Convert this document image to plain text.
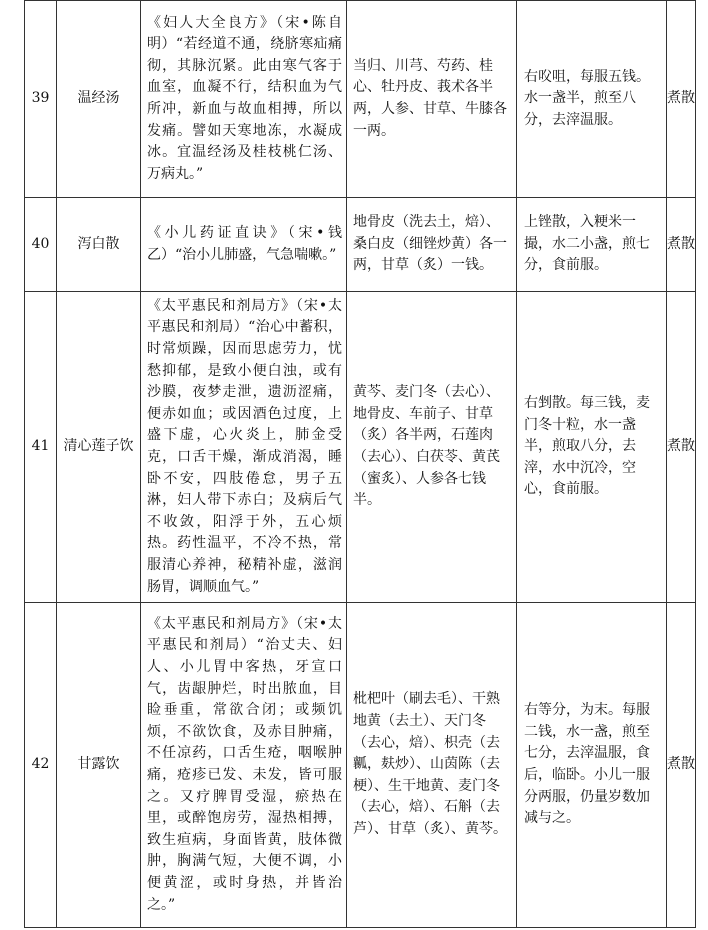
39	温经汤	《妇人大全良方》（宋•陈自明）“若经道不通，绕脐寒疝痛彻，其脉沉紧。此由寒气客于血室，血凝不行，结积血为气所冲，新血与故血相搏，所以发痛。譬如天寒地冻，水凝成冰。宜温经汤及桂枝桃仁汤、万病丸。”	当归、川芎、芍药、桂心、牡丹皮、莪术各半两，人参、甘草、牛膝各一两。	右㕮咀，每服五钱。水一盏半，煎至八分，去滓温服。	煮散
40	泻白散	《小儿药证直诀》（宋•钱乙）“治小儿肺盛，气急喘嗽。”	地骨皮（洗去土，焙）、桑白皮（细锉炒黄）各一两，甘草（炙）一钱。	上锉散，入粳米一撮，水二小盏，煎七分，食前服。	煮散
41	清心莲子饮	《太平惠民和剂局方》（宋•太平惠民和剂局）“治心中蓄积，时常烦躁，因而思虑劳力，忧愁抑郁，是致小便白浊，或有沙膜，夜梦走泄，遗沥涩痛，便赤如血；或因酒色过度，上盛下虚，心火炎上，肺金受克，口舌干燥，渐成消渴，睡卧不安，四肢倦怠，男子五淋，妇人带下赤白；及病后气不收敛，阳浮于外，五心烦热。药性温平，不冷不热，常服清心养神，秘精补虚，滋润肠胃，调顺血气。”	黄芩、麦门冬（去心）、地骨皮、车前子、甘草（炙）各半两，石莲肉（去心）、白茯苓、黄芪（蜜炙）、人参各七钱半。	右剉散。每三钱，麦门冬十粒，水一盏半，煎取八分，去滓，水中沉冷，空心，食前服。	煮散
42	甘露饮	《太平惠民和剂局方》（宋•太平惠民和剂局）“治丈夫、妇人、小儿胃中客热，牙宣口气，齿龈肿烂，时出脓血，目睑垂重，常欲合闭；或频饥烦，不欲饮食，及赤目肿痛，不任凉药，口舌生疮，咽喉肿痛，疮疹已发、未发，皆可服之。又疗脾胃受湿，瘀热在里，或醉饱房劳，湿热相搏，致生疸病，身面皆黄，肢体微肿，胸满气短，大便不调，小便黄涩，或时身热，并皆治之。”	枇杷叶（刷去毛）、干熟地黄（去土）、天门冬（去心，焙）、枳壳（去瓤，麸炒）、山茵陈（去梗）、生干地黄、麦门冬（去心，焙）、石斛（去芦）、甘草（炙）、黄芩。	右等分，为末。每服二钱，水一盏，煎至七分，去滓温服，食后，临卧。小儿一服分两服，仍量岁数加减与之。	煮散
